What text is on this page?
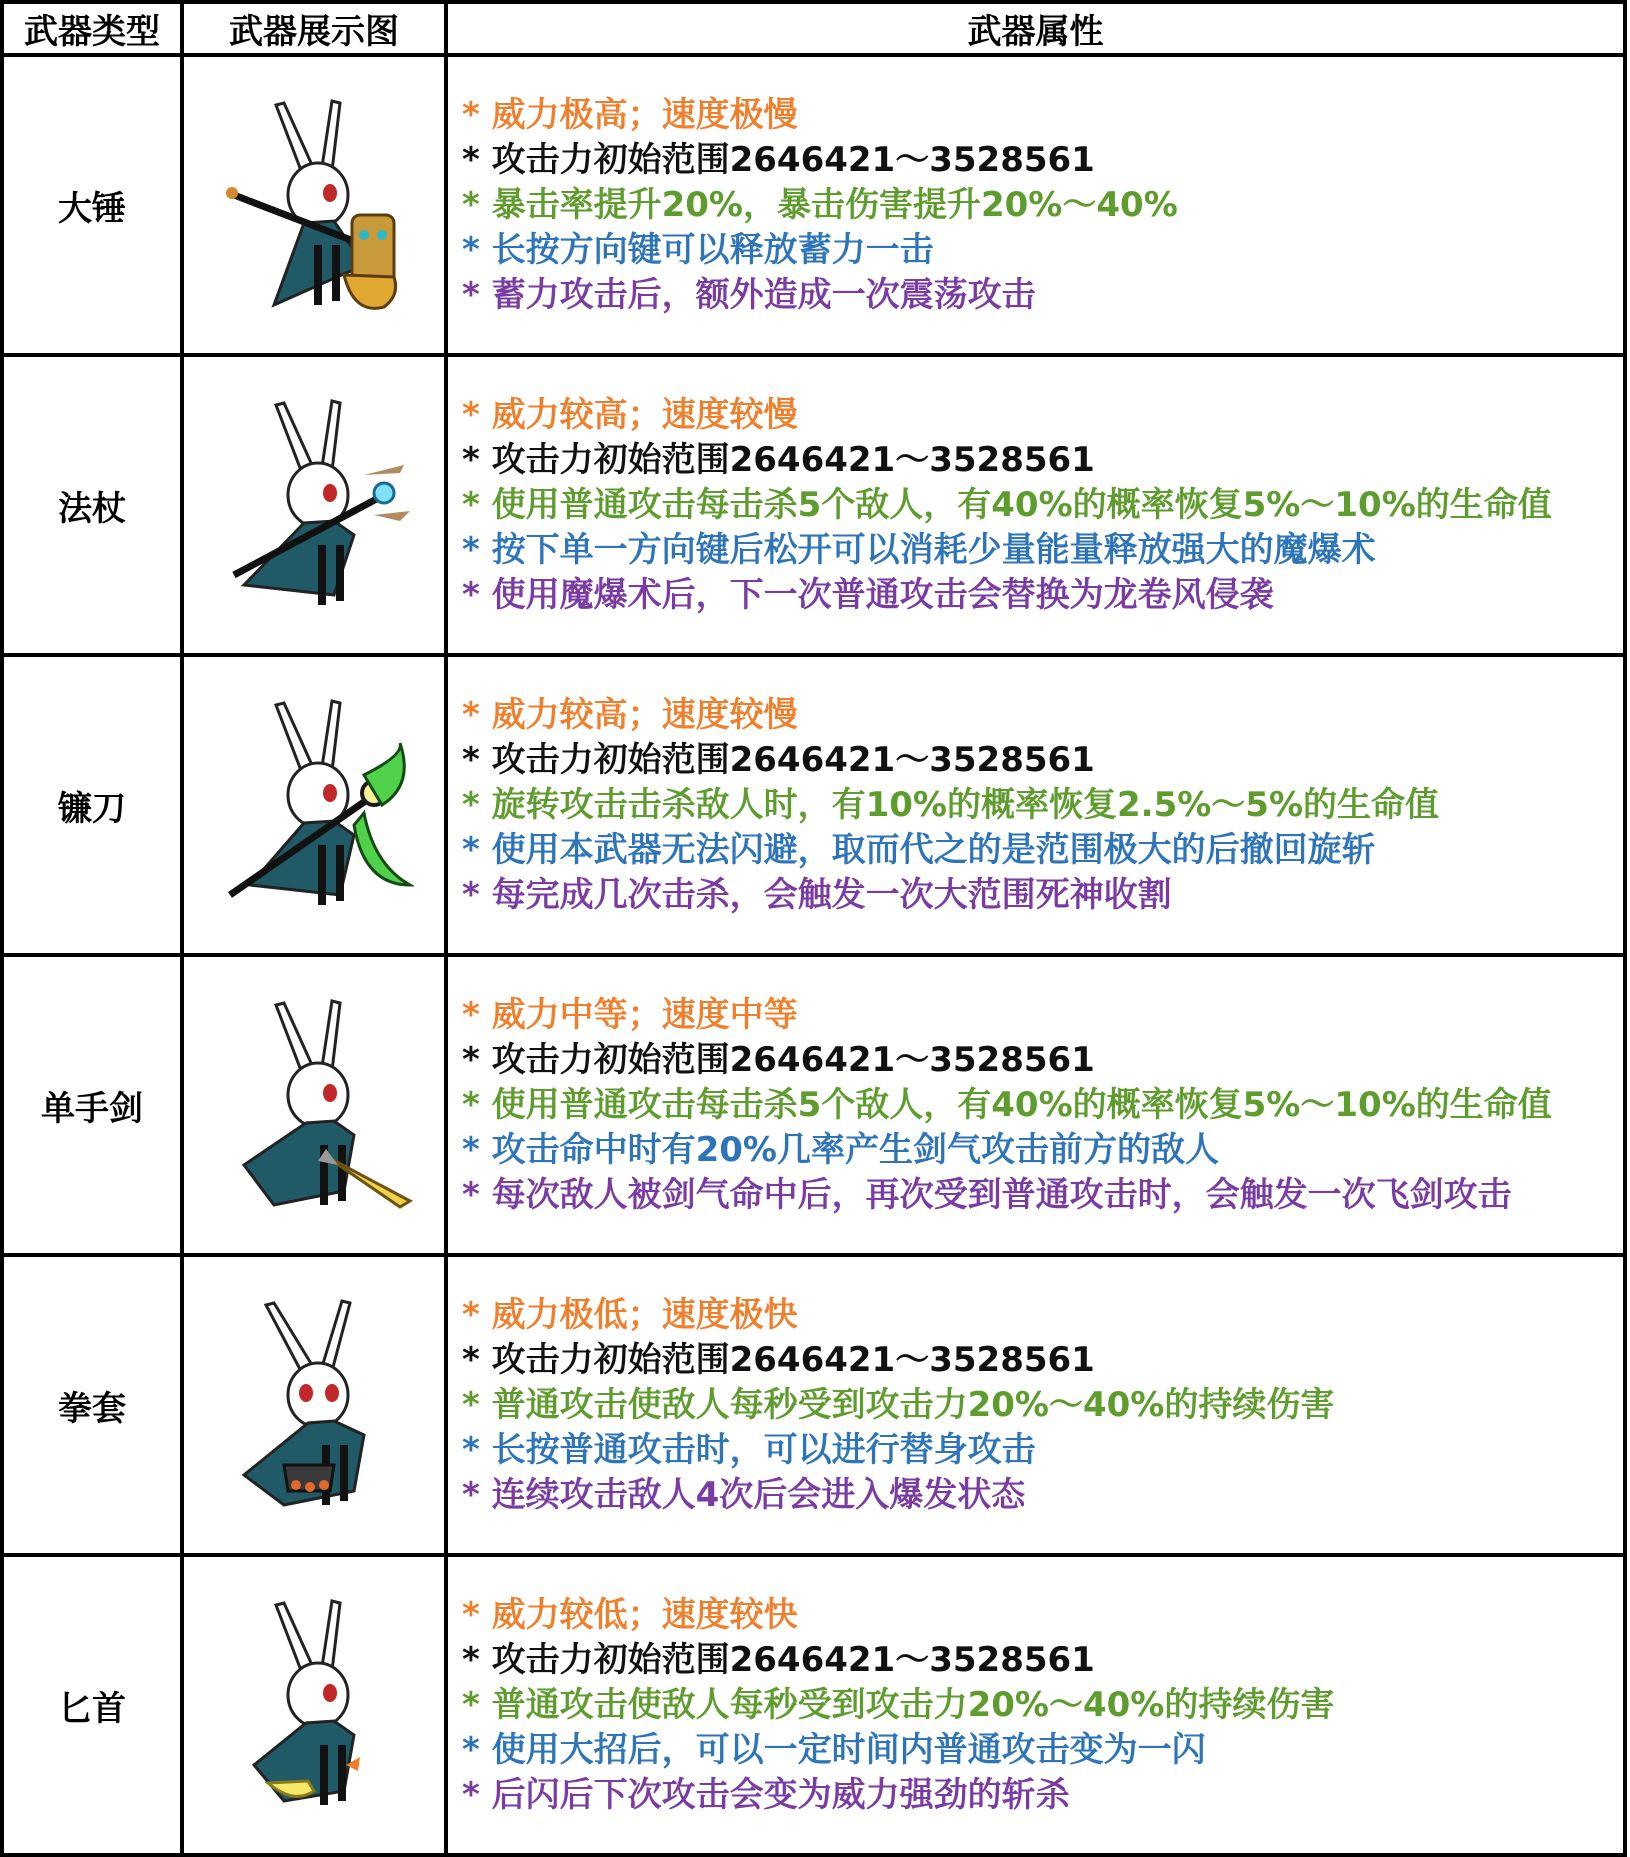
武器类型	武器展示图	武器属性
大锤		* 威力极高；速度极慢
* 攻击力初始范围2646421～3528561
* 暴击率提升20%，暴击伤害提升20%～40%
* 长按方向键可以释放蓄力一击
* 蓄力攻击后，额外造成一次震荡攻击

法杖		* 威力较高；速度较慢
* 攻击力初始范围2646421～3528561
* 使用普通攻击每击杀5个敌人，有40%的概率恢复5%～10%的生命值
* 按下单一方向键后松开可以消耗少量能量释放强大的魔爆术
* 使用魔爆术后，下一次普通攻击会替换为龙卷风侵袭

镰刀		* 威力较高；速度较慢
* 攻击力初始范围2646421～3528561
* 旋转攻击击杀敌人时，有10%的概率恢复2.5%～5%的生命值
* 使用本武器无法闪避，取而代之的是范围极大的后撤回旋斩
* 每完成几次击杀，会触发一次大范围死神收割

单手剑		* 威力中等；速度中等
* 攻击力初始范围2646421～3528561
* 使用普通攻击每击杀5个敌人，有40%的概率恢复5%～10%的生命值
* 攻击命中时有20%几率产生剑气攻击前方的敌人
* 每次敌人被剑气命中后，再次受到普通攻击时，会触发一次飞剑攻击

拳套		* 威力极低；速度极快
* 攻击力初始范围2646421～3528561
* 普通攻击使敌人每秒受到攻击力20%～40%的持续伤害
* 长按普通攻击时，可以进行替身攻击
* 连续攻击敌人4次后会进入爆发状态

匕首		* 威力较低；速度较快
* 攻击力初始范围2646421～3528561
* 普通攻击使敌人每秒受到攻击力20%～40%的持续伤害
* 使用大招后，可以一定时间内普通攻击变为一闪
* 后闪后下次攻击会变为威力强劲的斩杀
